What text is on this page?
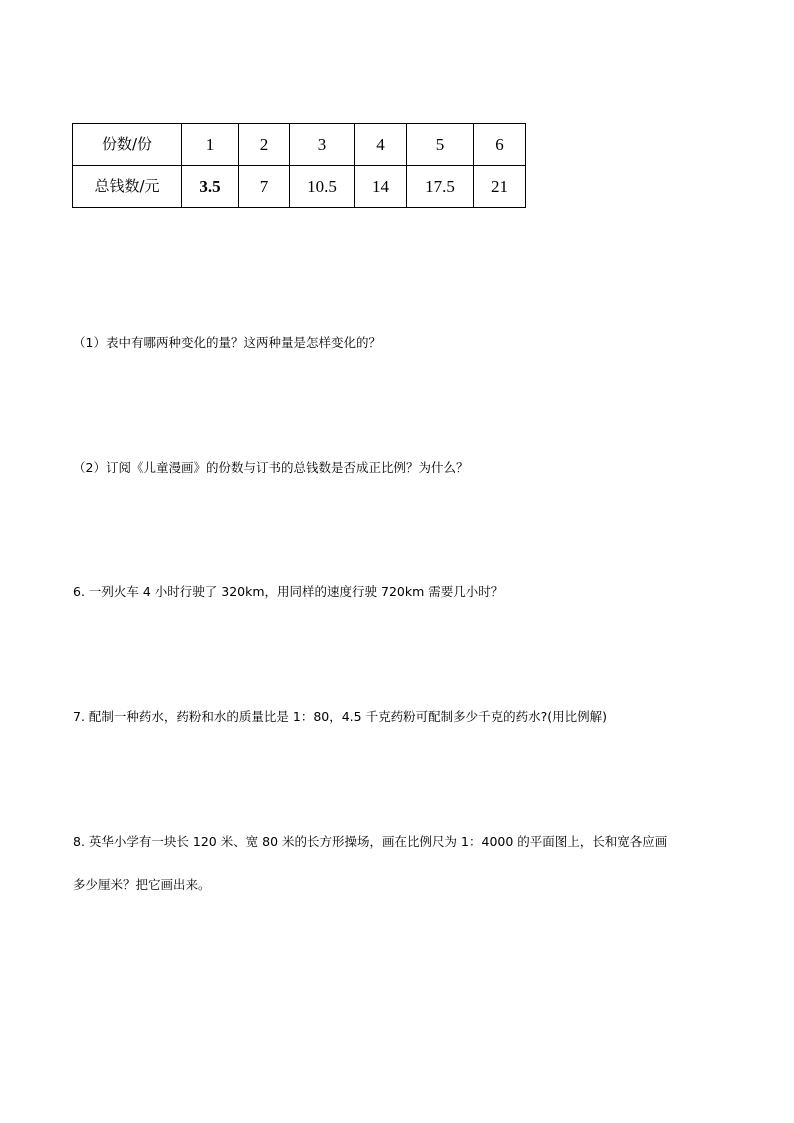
份数/份	1	2	3	4	5	6
总钱数/元	3.5	7	10.5	14	17.5	21

（1）表中有哪两种变化的量？这两种量是怎样变化的？

（2）订阅《儿童漫画》的份数与订书的总钱数是否成正比例？为什么？

6. 一列火车 4 小时行驶了 320km，用同样的速度行驶 720km 需要几小时？

7. 配制一种药水，药粉和水的质量比是 1：80，4.5 千克药粉可配制多少千克的药水?(用比例解)

8. 英华小学有一块长 120 米、宽 80 米的长方形操场，画在比例尺为 1：4000 的平面图上，长和宽各应画

多少厘米？把它画出来。
